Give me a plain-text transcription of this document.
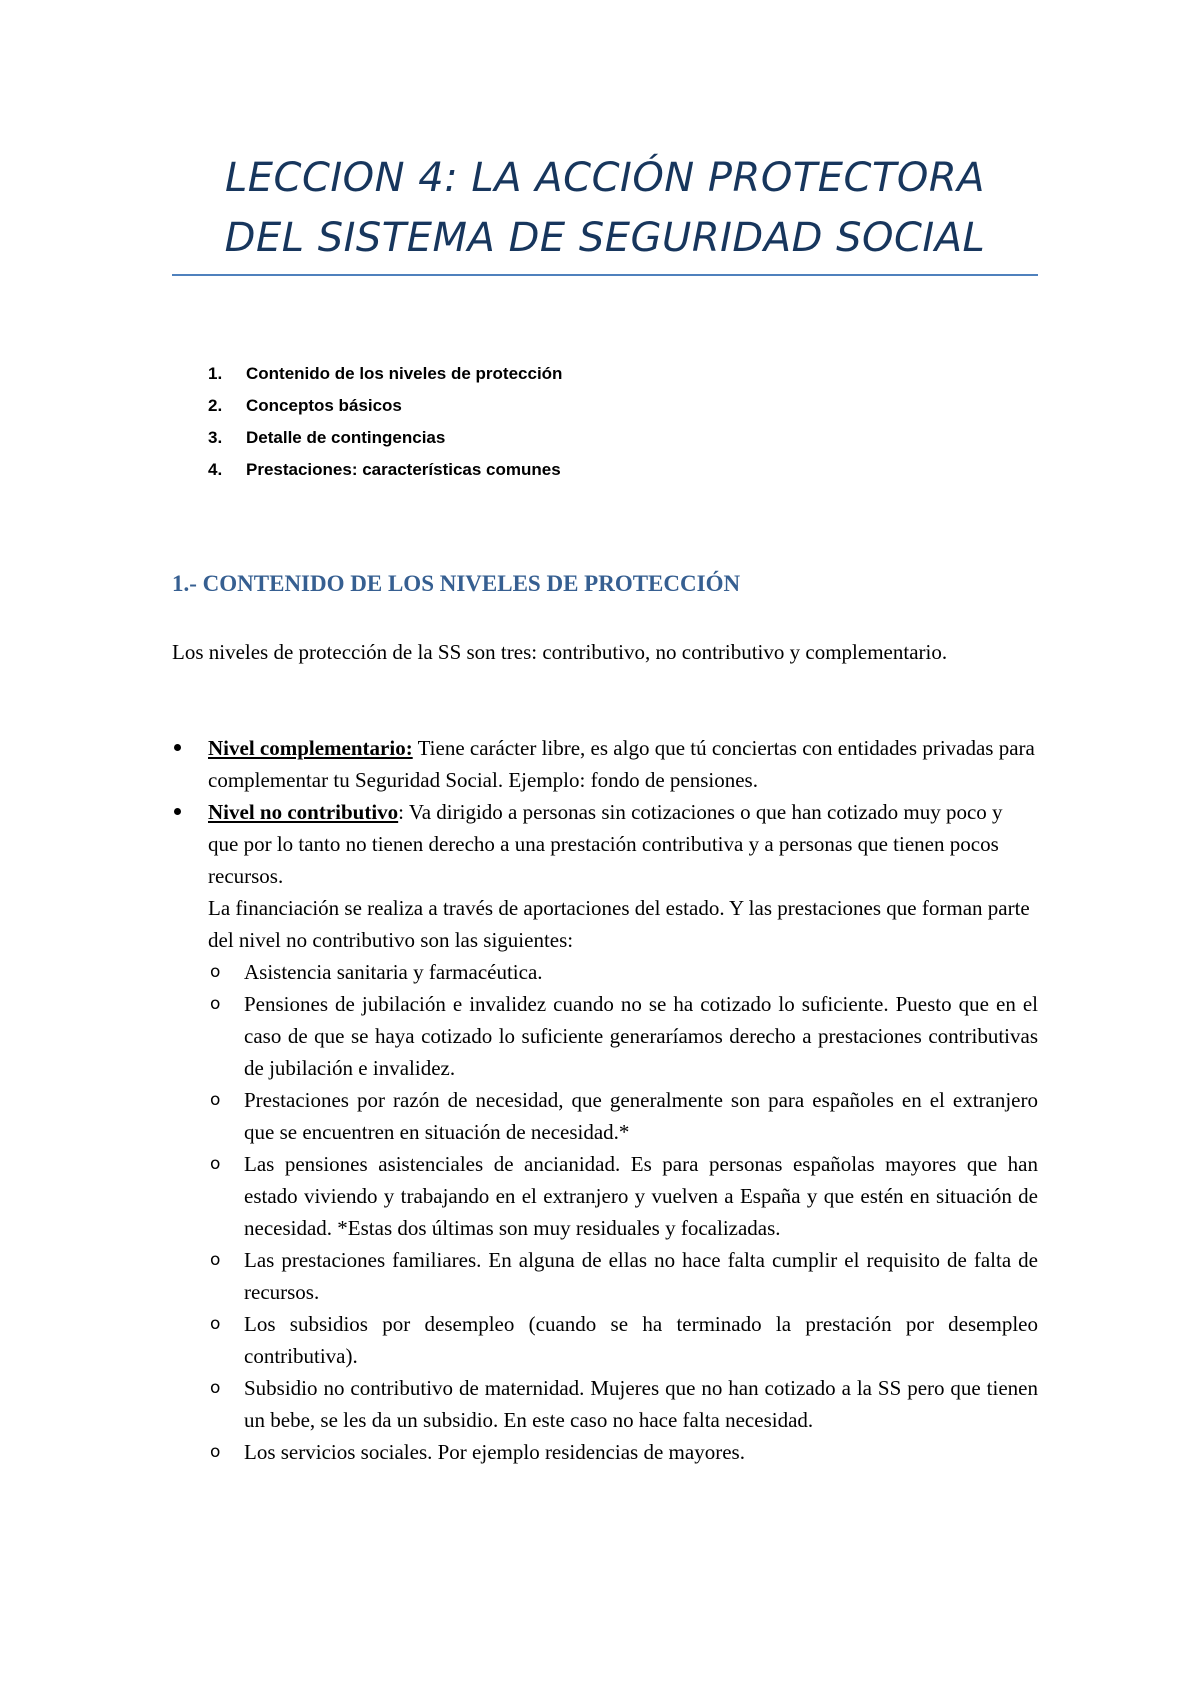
LECCION 4: LA ACCIÓN PROTECTORA
DEL SISTEMA DE SEGURIDAD SOCIAL
1.	Contenido de los niveles de protección
2.	Conceptos básicos
3.	Detalle de contingencias
4.	Prestaciones: características comunes
1.- CONTENIDO DE LOS NIVELES DE PROTECCIÓN

Los niveles de protección de la SS son tres: contributivo, no contributivo y complementario.

Nivel complementario: Tiene carácter libre, es algo que tú conciertas con entidades privadas para complementar tu Seguridad Social. Ejemplo: fondo de pensiones.

Nivel no contributivo: Va dirigido a personas sin cotizaciones o que han cotizado muy poco y que por lo tanto no tienen derecho a una prestación contributiva y a personas que tienen pocos recursos.

La financiación se realiza a través de aportaciones del estado. Y las prestaciones que forman parte del nivel no contributivo son las siguientes:

o Asistencia sanitaria y farmacéutica.
o Pensiones de jubilación e invalidez cuando no se ha cotizado lo suficiente. Puesto que en el caso de que se haya cotizado lo suficiente generaríamos derecho a prestaciones contributivas de jubilación e invalidez.
o Prestaciones por razón de necesidad, que generalmente son para españoles en el extranjero que se encuentren en situación de necesidad.*
o Las pensiones asistenciales de ancianidad. Es para personas españolas mayores que han estado viviendo y trabajando en el extranjero y vuelven a España y que estén en situación de necesidad. *Estas dos últimas son muy residuales y focalizadas.
o Las prestaciones familiares. En alguna de ellas no hace falta cumplir el requisito de falta de recursos.
o Los subsidios por desempleo (cuando se ha terminado la prestación por desempleo contributiva).
o Subsidio no contributivo de maternidad. Mujeres que no han cotizado a la SS pero que tienen un bebe, se les da un subsidio. En este caso no hace falta necesidad.
o Los servicios sociales. Por ejemplo residencias de mayores.
